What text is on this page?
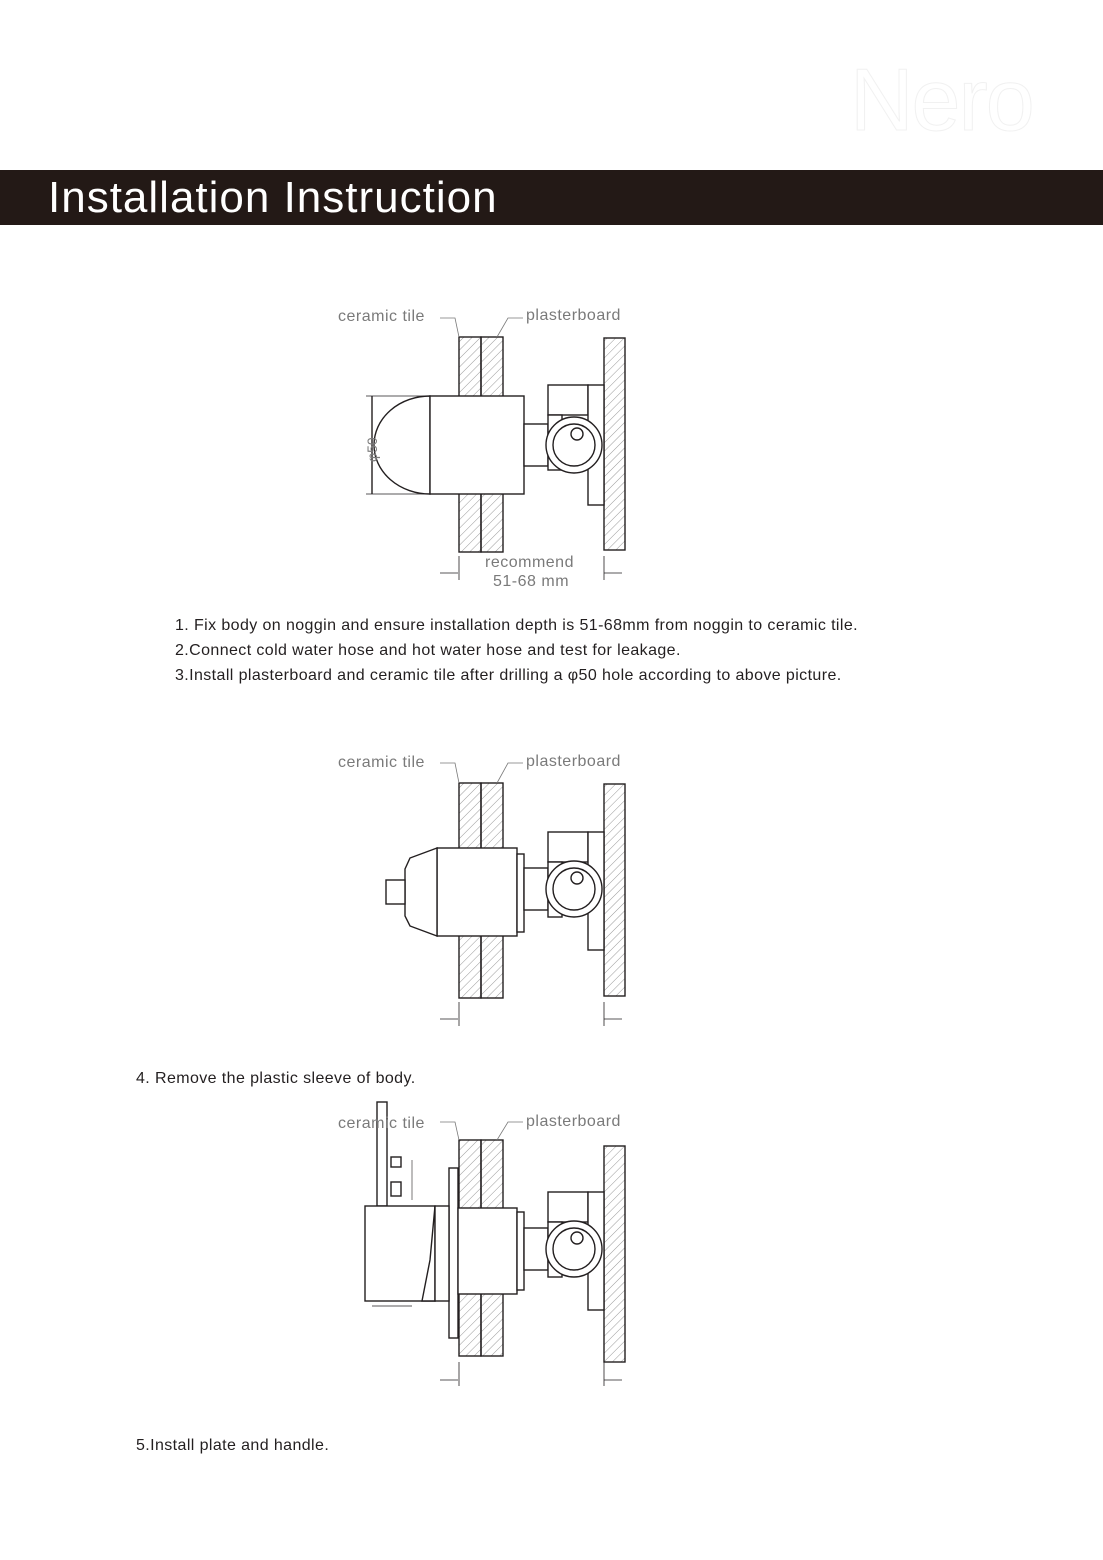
Nero
Installation Instruction
ceramic tile	plasterboard
φ50
recommend
51-68 mm
1. Fix body on noggin and ensure installation depth is 51-68mm from noggin to ceramic tile.
2.Connect cold water hose and hot water hose and test for leakage.
3.Install plasterboard and ceramic tile after drilling a φ50 hole according to above picture.
ceramic tile	plasterboard
4. Remove the plastic sleeve of body.
ceramic tile	plasterboard
5.Install plate and handle.
